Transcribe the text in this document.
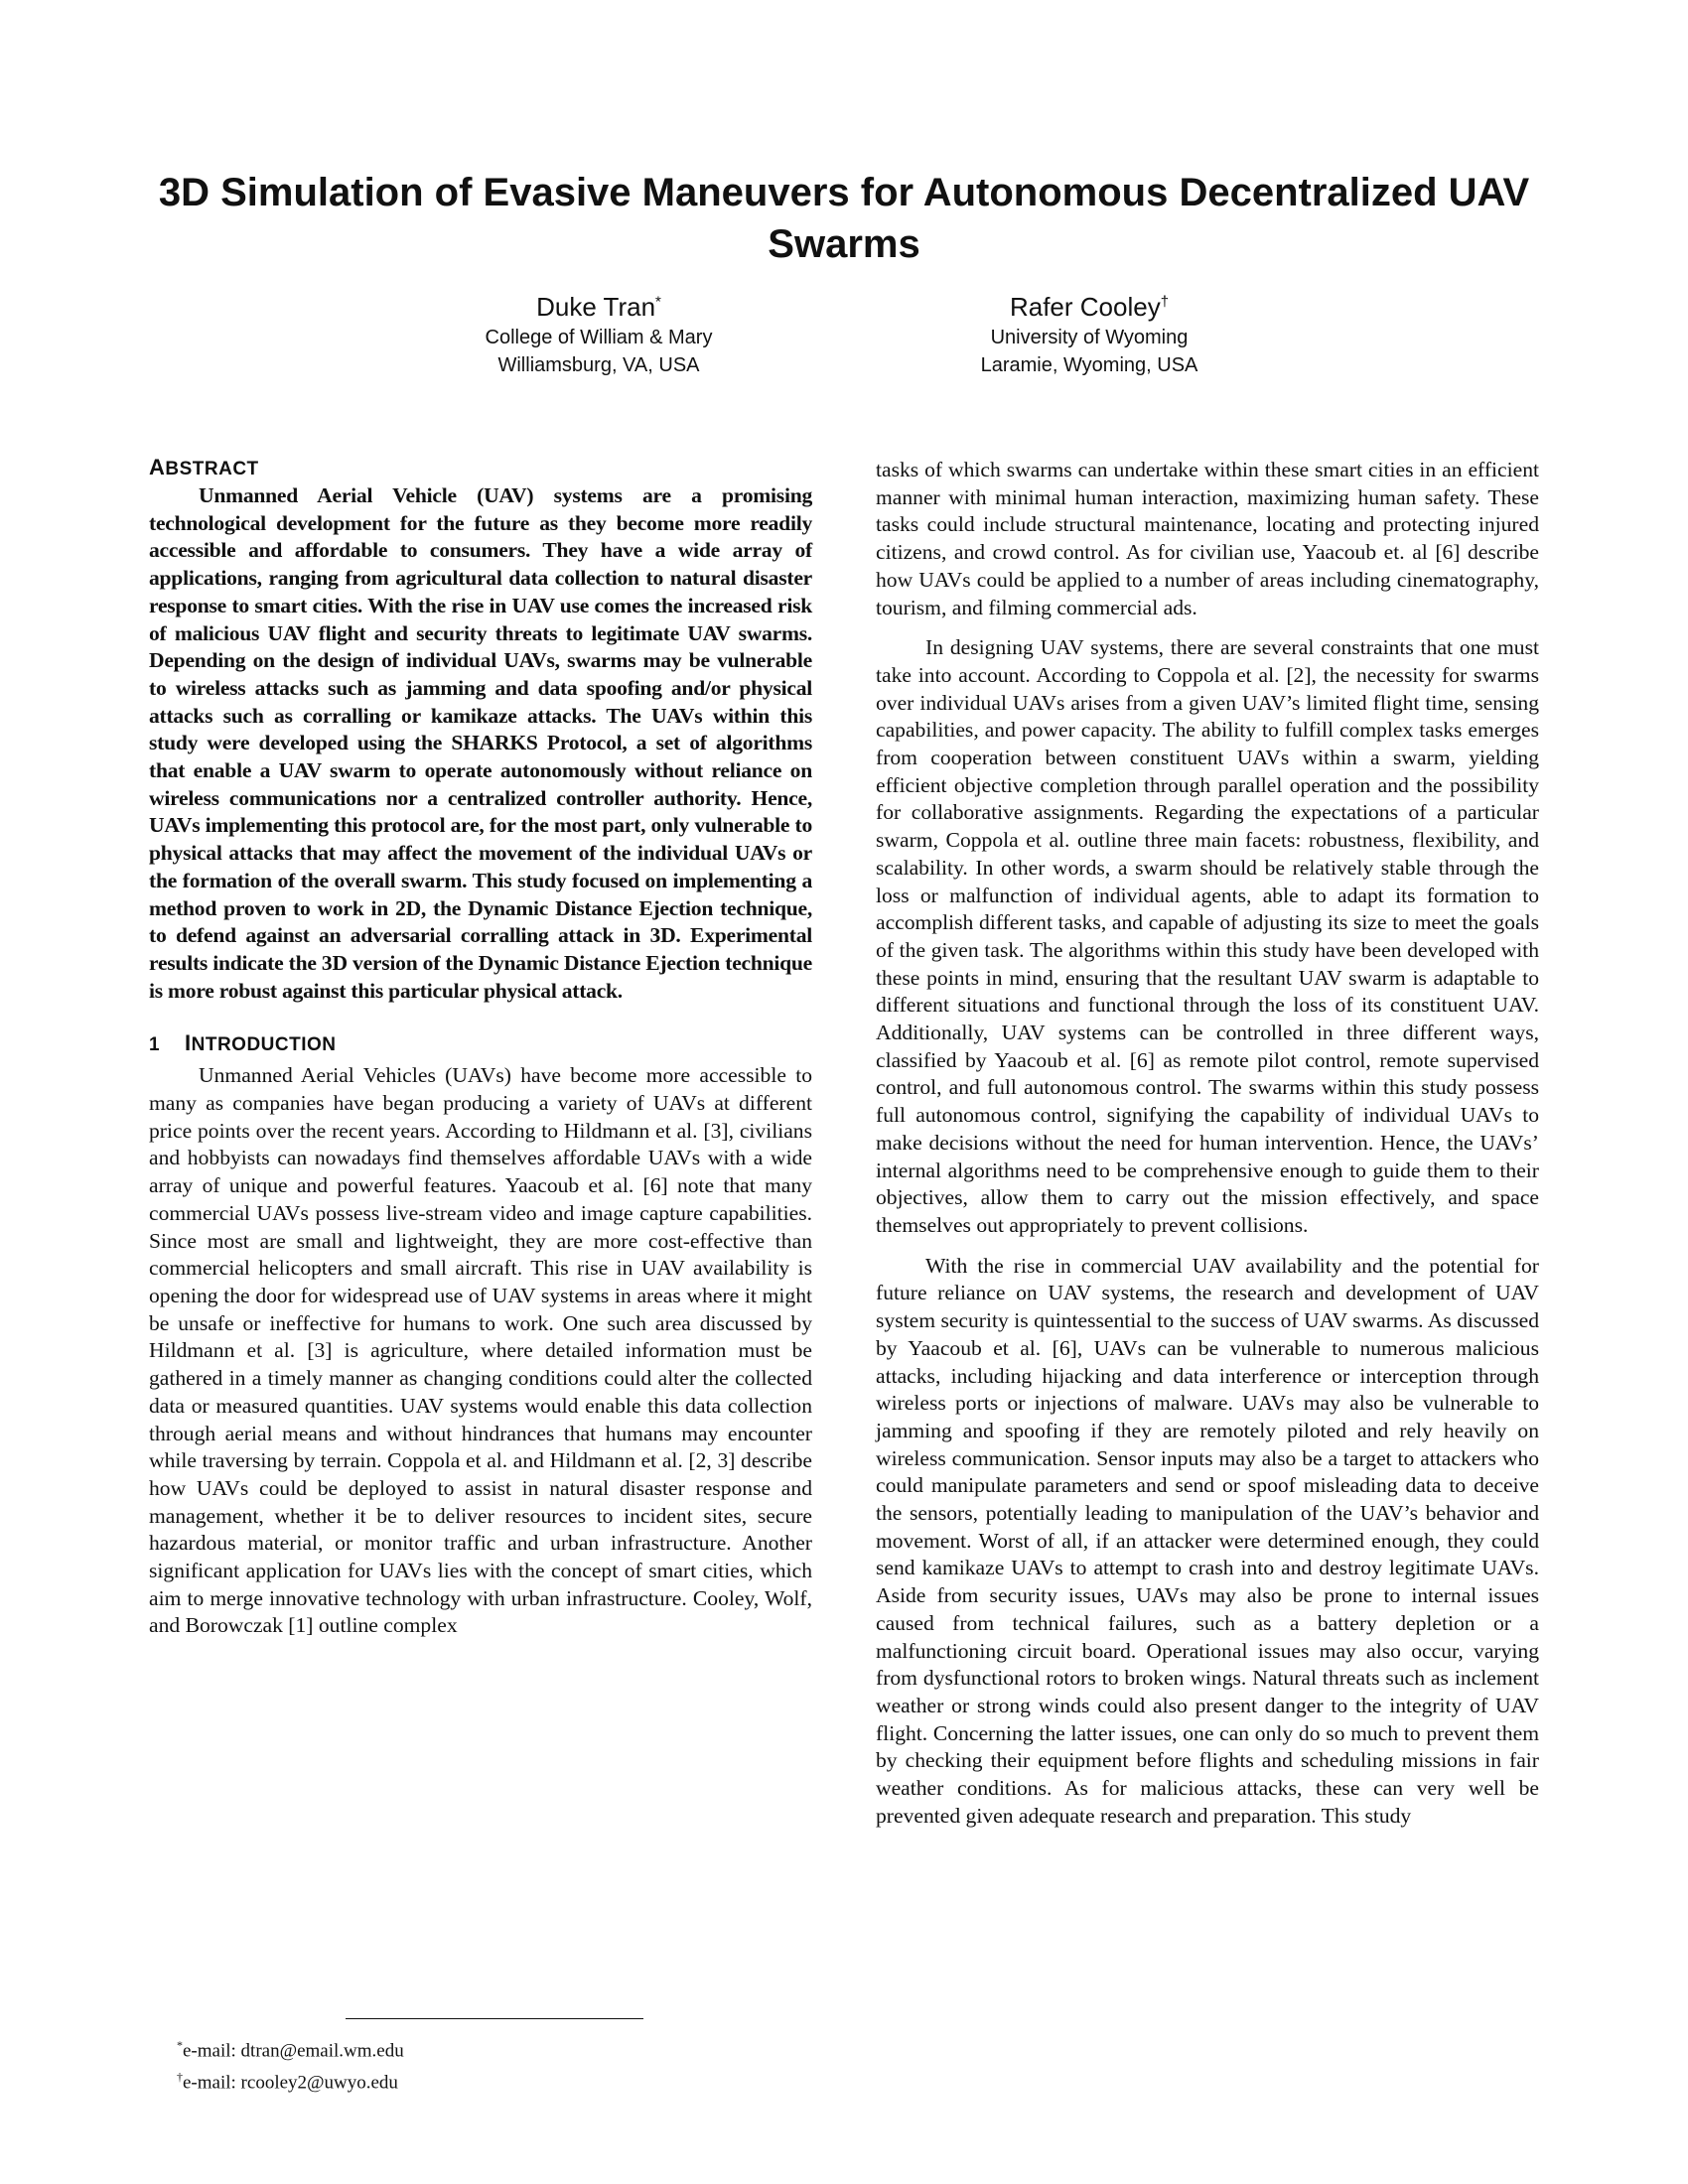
3D Simulation of Evasive Maneuvers for Autonomous Decentralized UAV Swarms
Duke Tran*
College of William & Mary
Williamsburg, VA, USA
Rafer Cooley†
University of Wyoming
Laramie, Wyoming, USA
ABSTRACT

Unmanned Aerial Vehicle (UAV) systems are a promising technological development for the future as they become more readily accessible and affordable to consumers. They have a wide array of applications, ranging from agricultural data collection to natural disaster response to smart cities. With the rise in UAV use comes the increased risk of malicious UAV flight and security threats to legitimate UAV swarms. Depending on the design of individual UAVs, swarms may be vulnerable to wireless attacks such as jamming and data spoofing and/or physical attacks such as corralling or kamikaze attacks. The UAVs within this study were developed using the SHARKS Protocol, a set of algorithms that enable a UAV swarm to operate autonomously without reliance on wireless communications nor a centralized controller authority. Hence, UAVs implementing this protocol are, for the most part, only vulnerable to physical attacks that may affect the movement of the individual UAVs or the formation of the overall swarm. This study focused on implementing a method proven to work in 2D, the Dynamic Distance Ejection technique, to defend against an adversarial corralling attack in 3D. Experimental results indicate the 3D version of the Dynamic Distance Ejection technique is more robust against this particular physical attack.

1 INTRODUCTION

Unmanned Aerial Vehicles (UAVs) have become more accessible to many as companies have began producing a variety of UAVs at different price points over the recent years. According to Hildmann et al. [3], civilians and hobbyists can nowadays find themselves affordable UAVs with a wide array of unique and powerful features. Yaacoub et al. [6] note that many commercial UAVs possess live-stream video and image capture capabilities. Since most are small and lightweight, they are more cost-effective than commercial helicopters and small aircraft. This rise in UAV availability is opening the door for widespread use of UAV systems in areas where it might be unsafe or ineffective for humans to work. One such area discussed by Hildmann et al. [3] is agriculture, where detailed information must be gathered in a timely manner as changing conditions could alter the collected data or measured quantities. UAV systems would enable this data collection through aerial means and without hindrances that humans may encounter while traversing by terrain. Coppola et al. and Hildmann et al. [2, 3] describe how UAVs could be deployed to assist in natural disaster response and management, whether it be to deliver resources to incident sites, secure hazardous material, or monitor traffic and urban infrastructure. Another significant application for UAVs lies with the concept of smart cities, which aim to merge innovative technology with urban infrastructure. Cooley, Wolf, and Borowczak [1] outline complex

tasks of which swarms can undertake within these smart cities in an efficient manner with minimal human interaction, maximizing human safety. These tasks could include structural maintenance, locating and protecting injured citizens, and crowd control. As for civilian use, Yaacoub et. al [6] describe how UAVs could be applied to a number of areas including cinematography, tourism, and filming commercial ads.

In designing UAV systems, there are several constraints that one must take into account. According to Coppola et al. [2], the necessity for swarms over individual UAVs arises from a given UAV’s limited flight time, sensing capabilities, and power capacity. The ability to fulfill complex tasks emerges from cooperation between constituent UAVs within a swarm, yielding efficient objective completion through parallel operation and the possibility for collaborative assignments. Regarding the expectations of a particular swarm, Coppola et al. outline three main facets: robustness, flexibility, and scalability. In other words, a swarm should be relatively stable through the loss or malfunction of individual agents, able to adapt its formation to accomplish different tasks, and capable of adjusting its size to meet the goals of the given task. The algorithms within this study have been developed with these points in mind, ensuring that the resultant UAV swarm is adaptable to different situations and functional through the loss of its constituent UAV. Additionally, UAV systems can be controlled in three different ways, classified by Yaacoub et al. [6] as remote pilot control, remote supervised control, and full autonomous control. The swarms within this study possess full autonomous control, signifying the capability of individual UAVs to make decisions without the need for human intervention. Hence, the UAVs’ internal algorithms need to be comprehensive enough to guide them to their objectives, allow them to carry out the mission effectively, and space themselves out appropriately to prevent collisions.

With the rise in commercial UAV availability and the potential for future reliance on UAV systems, the research and development of UAV system security is quintessential to the success of UAV swarms. As discussed by Yaacoub et al. [6], UAVs can be vulnerable to numerous malicious attacks, including hijacking and data interference or interception through wireless ports or injections of malware. UAVs may also be vulnerable to jamming and spoofing if they are remotely piloted and rely heavily on wireless communication. Sensor inputs may also be a target to attackers who could manipulate parameters and send or spoof misleading data to deceive the sensors, potentially leading to manipulation of the UAV’s behavior and movement. Worst of all, if an attacker were determined enough, they could send kamikaze UAVs to attempt to crash into and destroy legitimate UAVs. Aside from security issues, UAVs may also be prone to internal issues caused from technical failures, such as a battery depletion or a malfunctioning circuit board. Operational issues may also occur, varying from dysfunctional rotors to broken wings. Natural threats such as inclement weather or strong winds could also present danger to the integrity of UAV flight. Concerning the latter issues, one can only do so much to prevent them by checking their equipment before flights and scheduling missions in fair weather conditions. As for malicious attacks, these can very well be prevented given adequate research and preparation. This study

*e-mail: dtran@email.wm.edu
†e-mail: rcooley2@uwyo.edu
